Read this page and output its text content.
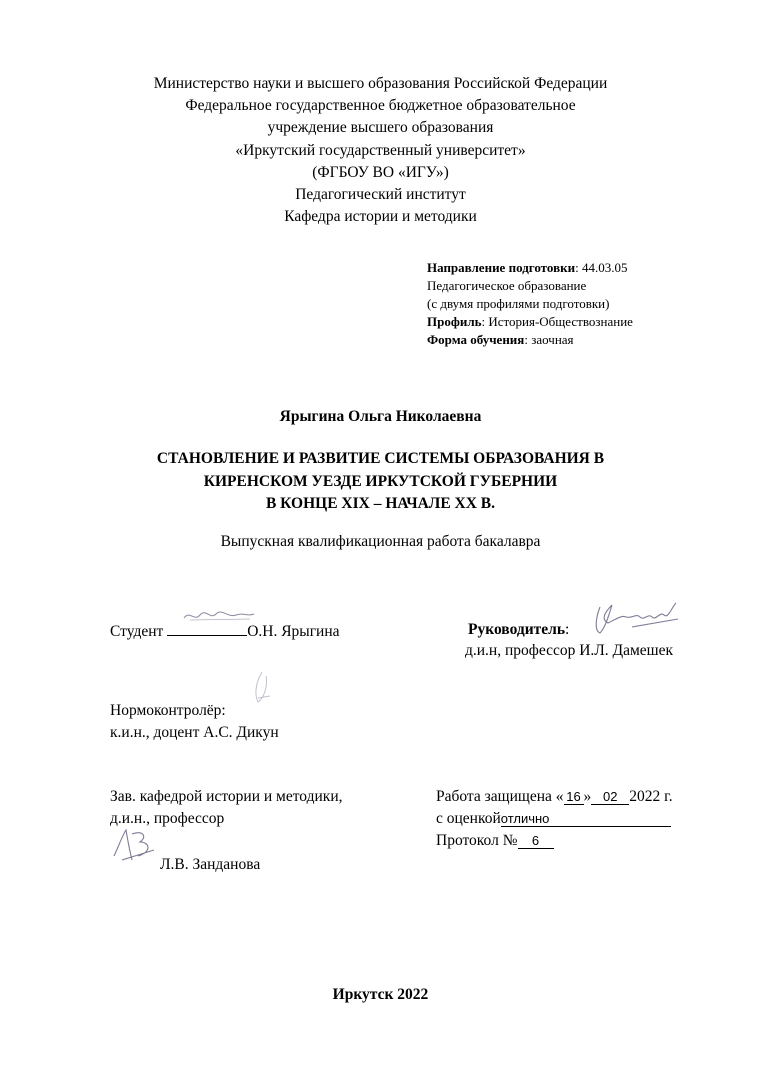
Министерство науки и высшего образования Российской Федерации
Федеральное государственное бюджетное образовательное
учреждение высшего образования
«Иркутский государственный университет»
(ФГБОУ ВО «ИГУ»)
Педагогический институт
Кафедра истории и методики
Направление подготовки: 44.03.05
Педагогическое образование
(с двумя профилями подготовки)
Профиль: История-Обществознание
Форма обучения: заочная
Ярыгина Ольга Николаевна
СТАНОВЛЕНИЕ И РАЗВИТИЕ СИСТЕМЫ ОБРАЗОВАНИЯ В
КИРЕНСКОМ УЕЗДЕ ИРКУТСКОЙ ГУБЕРНИИ
В КОНЦЕ XIX – НАЧАЛЕ XX В.
Выпускная квалификационная работа бакалавра
Студент	О.Н. Ярыгина	Руководитель:
д.и.н, профессор И.Л. Дамешек
Нормоконтролёр:
к.и.н., доцент А.С. Дикун
Зав. кафедрой истории и методики,
д.и.н., профессор
Л.В. Занданова
Работа защищена « 16 » 02 2022 г.
с оценкойотлично
Протокол № 6
Иркутск 2022
